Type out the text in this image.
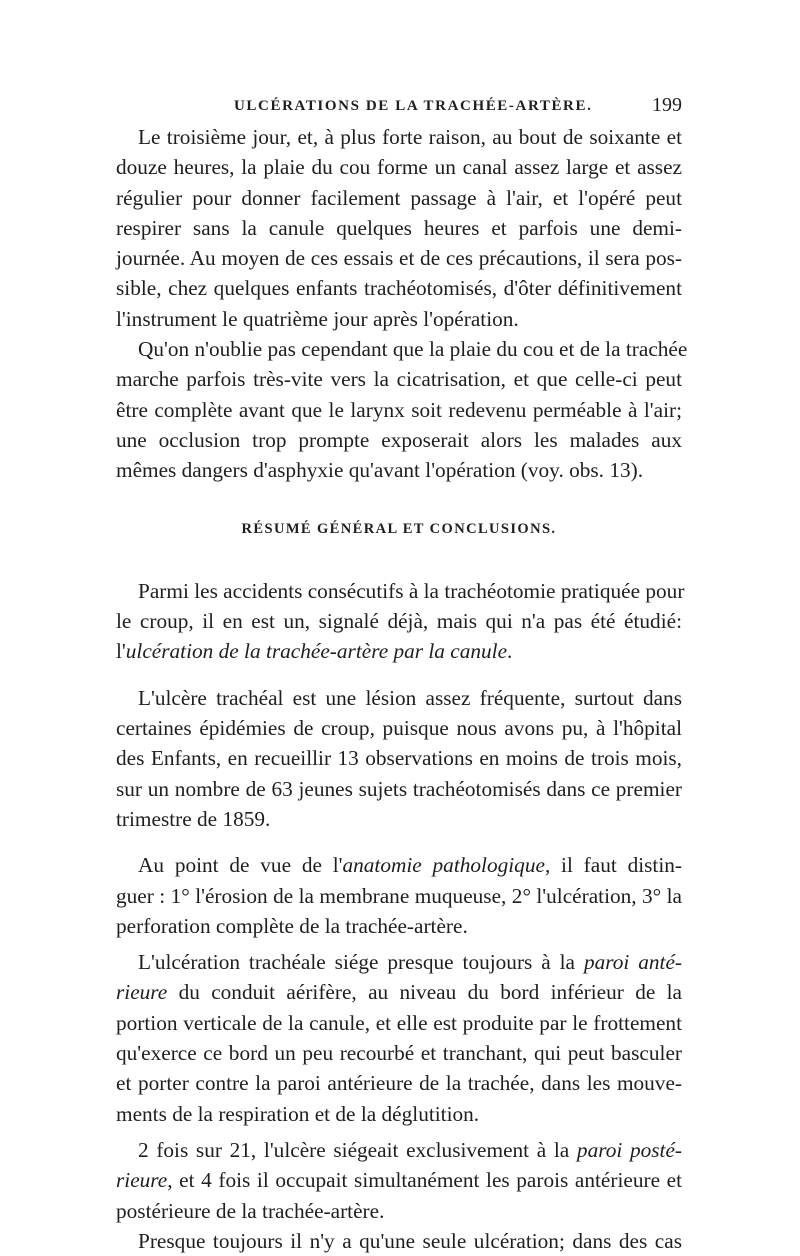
ULCÉRATIONS DE LA TRACHÉE-ARTÈRE.	199

Le troisième jour, et, à plus forte raison, au bout de soixante et
douze heures, la plaie du cou forme un canal assez large et assez
régulier pour donner facilement passage à l'air, et l'opéré peut
respirer sans la canule quelques heures et parfois une demi-
journée. Au moyen de ces essais et de ces précautions, il sera pos-
sible, chez quelques enfants trachéotomisés, d'ôter définitivement
l'instrument le quatrième jour après l'opération.

Qu'on n'oublie pas cependant que la plaie du cou et de la trachée
marche parfois très-vite vers la cicatrisation, et que celle-ci peut
être complète avant que le larynx soit redevenu perméable à l'air;
une occlusion trop prompte exposerait alors les malades aux
mêmes dangers d'asphyxie qu'avant l'opération (voy. obs. 13).

RÉSUMÉ GÉNÉRAL ET CONCLUSIONS.

Parmi les accidents consécutifs à la trachéotomie pratiquée pour
le croup, il en est un, signalé déjà, mais qui n'a pas été étudié:
l'ulcération de la trachée-artère par la canule.

L'ulcère trachéal est une lésion assez fréquente, surtout dans
certaines épidémies de croup, puisque nous avons pu, à l'hôpital
des Enfants, en recueillir 13 observations en moins de trois mois,
sur un nombre de 63 jeunes sujets trachéotomisés dans ce premier
trimestre de 1859.

Au point de vue de l'anatomie pathologique, il faut distin-
guer : 1° l'érosion de la membrane muqueuse, 2° l'ulcération, 3° la
perforation complète de la trachée-artère.

L'ulcération trachéale siége presque toujours à la paroi anté-
rieure du conduit aérifère, au niveau du bord inférieur de la
portion verticale de la canule, et elle est produite par le frottement
qu'exerce ce bord un peu recourbé et tranchant, qui peut basculer
et porter contre la paroi antérieure de la trachée, dans les mouve-
ments de la respiration et de la déglutition.

2 fois sur 21, l'ulcère siégeait exclusivement à la paroi posté-
rieure, et 4 fois il occupait simultanément les parois antérieure et
postérieure de la trachée-artère.

Presque toujours il n'y a qu'une seule ulcération; dans des cas
